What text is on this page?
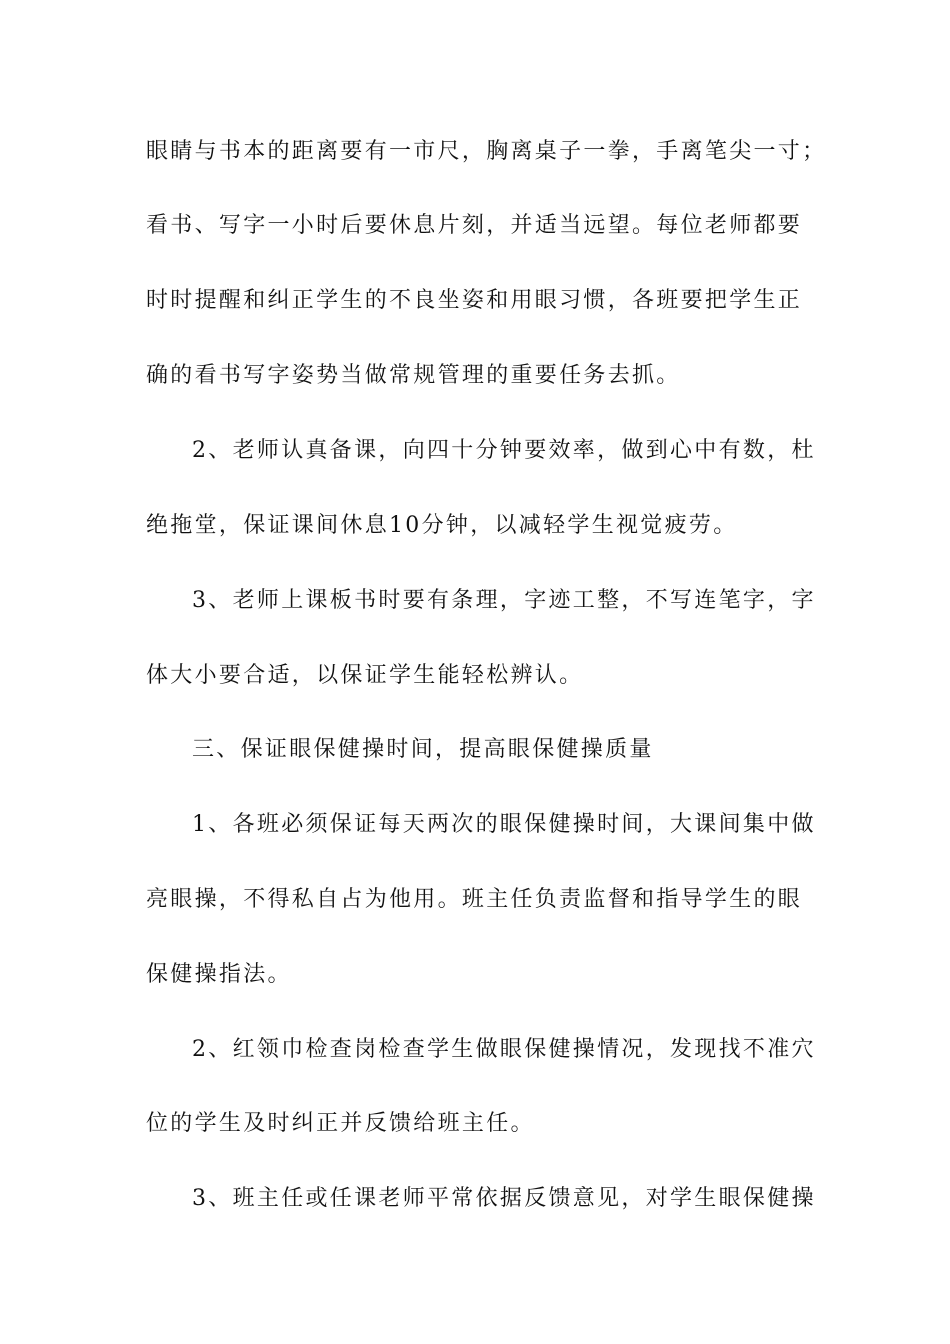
眼睛与书本的距离要有一市尺，胸离桌子一拳，手离笔尖一寸；
看书、写字一小时后要休息片刻，并适当远望。每位老师都要
时时提醒和纠正学生的不良坐姿和用眼习惯，各班要把学生正
确的看书写字姿势当做常规管理的重要任务去抓。
2、老师认真备课，向四十分钟要效率，做到心中有数，杜
绝拖堂，保证课间休息10分钟，以减轻学生视觉疲劳。
3、老师上课板书时要有条理，字迹工整，不写连笔字，字
体大小要合适，以保证学生能轻松辨认。
三、保证眼保健操时间，提高眼保健操质量
1、各班必须保证每天两次的眼保健操时间，大课间集中做
亮眼操，不得私自占为他用。班主任负责监督和指导学生的眼
保健操指法。
2、红领巾检查岗检查学生做眼保健操情况，发现找不准穴
位的学生及时纠正并反馈给班主任。
3、班主任或任课老师平常依据反馈意见，对学生眼保健操
